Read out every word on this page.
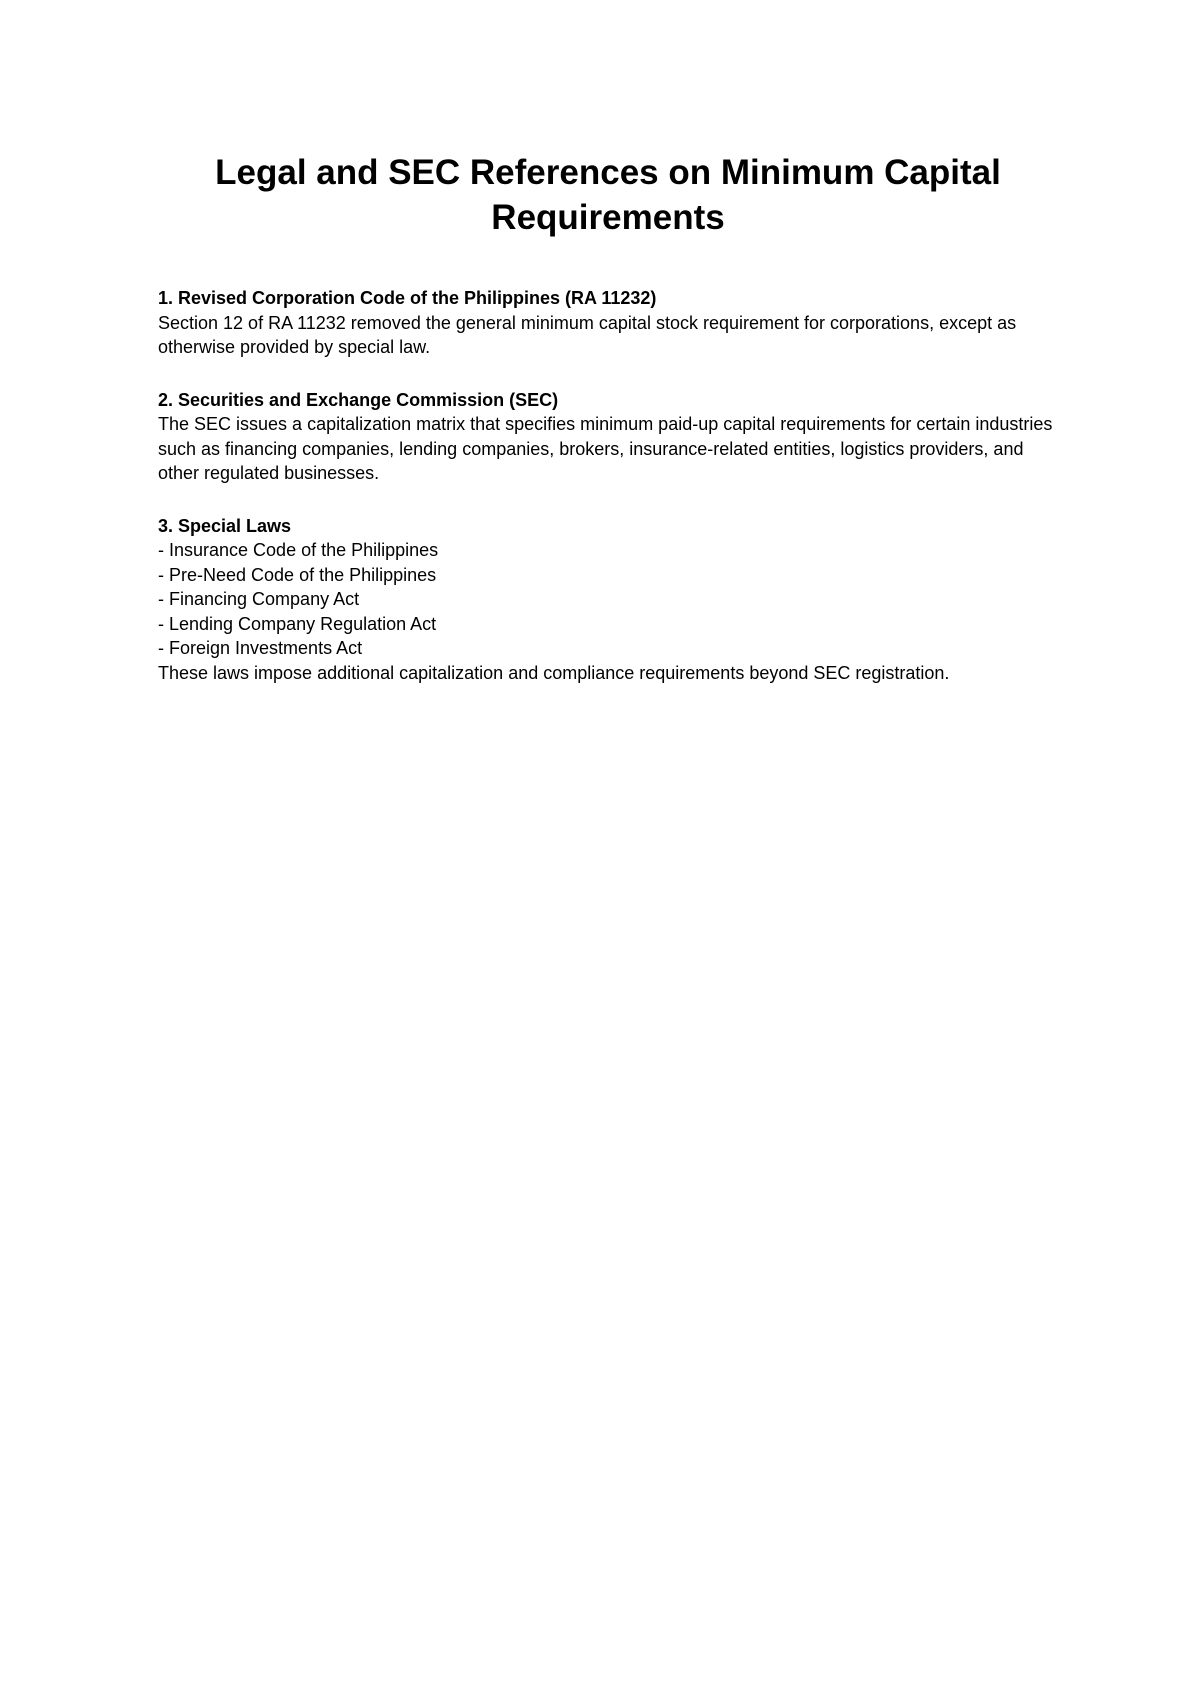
Legal and SEC References on Minimum Capital Requirements

1. Revised Corporation Code of the Philippines (RA 11232)

Section 12 of RA 11232 removed the general minimum capital stock requirement for corporations, except as otherwise provided by special law.

2. Securities and Exchange Commission (SEC)

The SEC issues a capitalization matrix that specifies minimum paid-up capital requirements for certain industries such as financing companies, lending companies, brokers, insurance-related entities, logistics providers, and other regulated businesses.

3. Special Laws

- Insurance Code of the Philippines
- Pre-Need Code of the Philippines
- Financing Company Act
- Lending Company Regulation Act
- Foreign Investments Act

These laws impose additional capitalization and compliance requirements beyond SEC registration.
